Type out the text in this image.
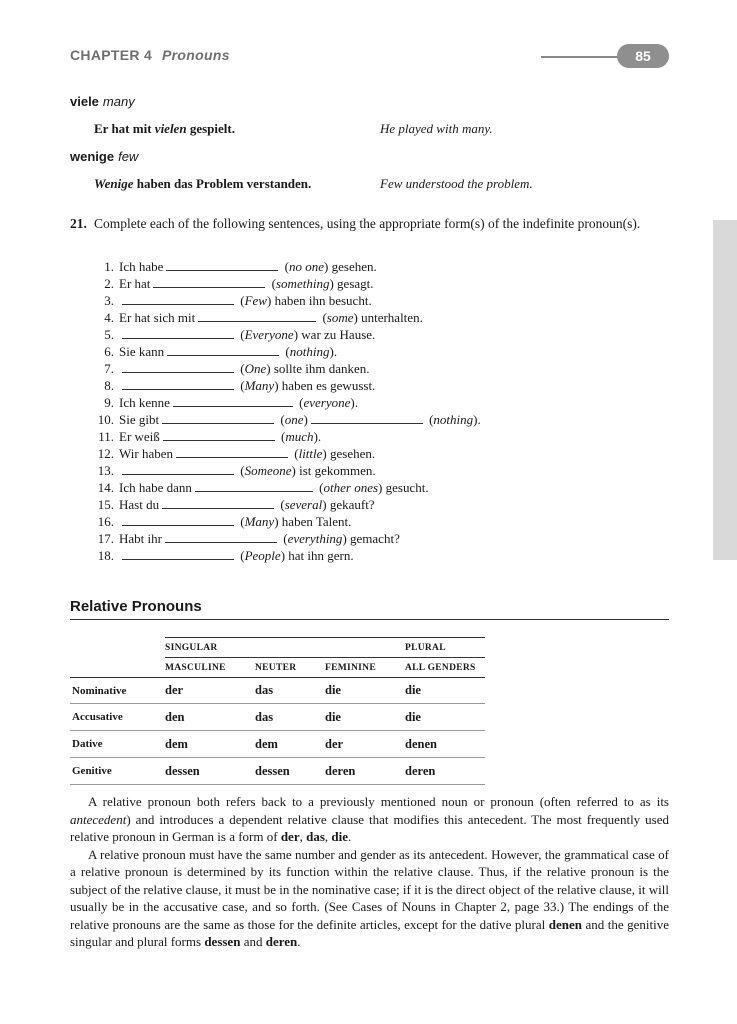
CHAPTER 4 Pronouns	85
viele many
Er hat mit vielen gespielt.	He played with many.
wenige few
Wenige haben das Problem verstanden.	Few understood the problem.
21. Complete each of the following sentences, using the appropriate form(s) of the indefinite pronoun(s).
1. Ich habe	(no one) gesehen.
2. Er hat	(something) gesagt.
3.	(Few) haben ihn besucht.
4. Er hat sich mit	(some) unterhalten.
5.	(Everyone) war zu Hause.
6. Sie kann	(nothing).
7.	(One) sollte ihm danken.
8.	(Many) haben es gewusst.
9. Ich kenne	(everyone).
10. Sie gibt	(one)	(nothing).
11. Er weiß	(much).
12. Wir haben	(little) gesehen.
13.	(Someone) ist gekommen.
14. Ich habe dann	(other ones) gesucht.
15. Hast du	(several) gekauft?
16.	(Many) haben Talent.
17. Habt ihr	(everything) gemacht?
18.	(People) hat ihn gern.
Relative Pronouns
	SINGULAR			PLURAL
	MASCULINE	NEUTER	FEMININE	ALL GENDERS
Nominative	der	das	die	die
Accusative	den	das	die	die
Dative	dem	dem	der	denen
Genitive	dessen	dessen	deren	deren

A relative pronoun both refers back to a previously mentioned noun or pronoun (often referred to as its antecedent) and introduces a dependent relative clause that modifies this antecedent. The most frequently used relative pronoun in German is a form of der, das, die.

A relative pronoun must have the same number and gender as its antecedent. However, the grammatical case of a relative pronoun is determined by its function within the relative clause. Thus, if the relative pronoun is the subject of the relative clause, it must be in the nominative case; if it is the direct object of the relative clause, it will usually be in the accusative case, and so forth. (See Cases of Nouns in Chapter 2, page 33.) The endings of the relative pronouns are the same as those for the definite articles, except for the dative plural denen and the genitive singular and plural forms dessen and deren.
